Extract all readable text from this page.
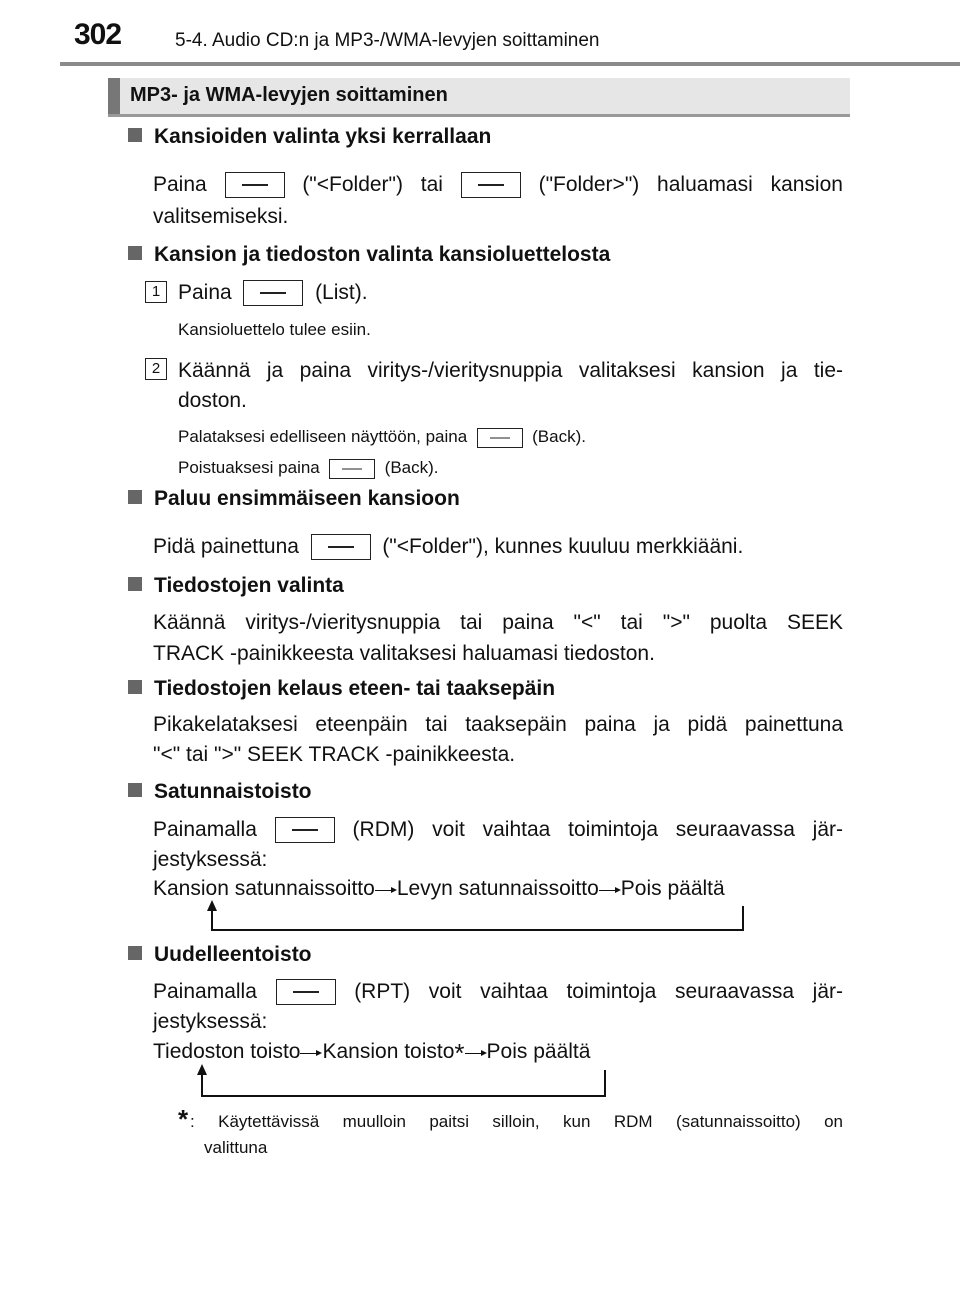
302	5-4. Audio CD:n ja MP3-/WMA-levyjen soittaminen
MP3- ja WMA-levyjen soittaminen
Kansioiden valinta yksi kerrallaan
Paina	("<Folder") tai	("Folder>") haluamasi kansion
valitsemiseksi.
Kansion ja tiedoston valinta kansioluettelosta
1 Paina	(List).
Kansioluettelo tulee esiin.
2 Käännä ja paina viritys-/vieritysnuppia valitaksesi kansion ja tie-
doston.
Palataksesi edelliseen näyttöön, paina	(Back).
Poistuaksesi paina	(Back).
Paluu ensimmäiseen kansioon
Pidä painettuna	("<Folder"), kunnes kuuluu merkkiääni.
Tiedostojen valinta
Käännä viritys-/vieritysnuppia tai paina "<" tai ">" puolta SEEK
TRACK -painikkeesta valitaksesi haluamasi tiedoston.
Tiedostojen kelaus eteen- tai taaksepäin
Pikakelataksesi eteenpäin tai taaksepäin paina ja pidä painettuna
"<" tai ">" SEEK TRACK -painikkeesta.
Satunnaistoisto
Painamalla	(RDM) voit vaihtaa toimintoja seuraavassa jär-
jestyksessä:
Kansion satunnaissoitto Levyn satunnaissoitto Pois päältä
Uudelleentoisto
Painamalla	(RPT) voit vaihtaa toimintoja seuraavassa jär-
jestyksessä:
Tiedoston toisto Kansion toisto* Pois päältä
* : Käytettävissä muulloin paitsi silloin, kun RDM (satunnaissoitto) on
valittuna
